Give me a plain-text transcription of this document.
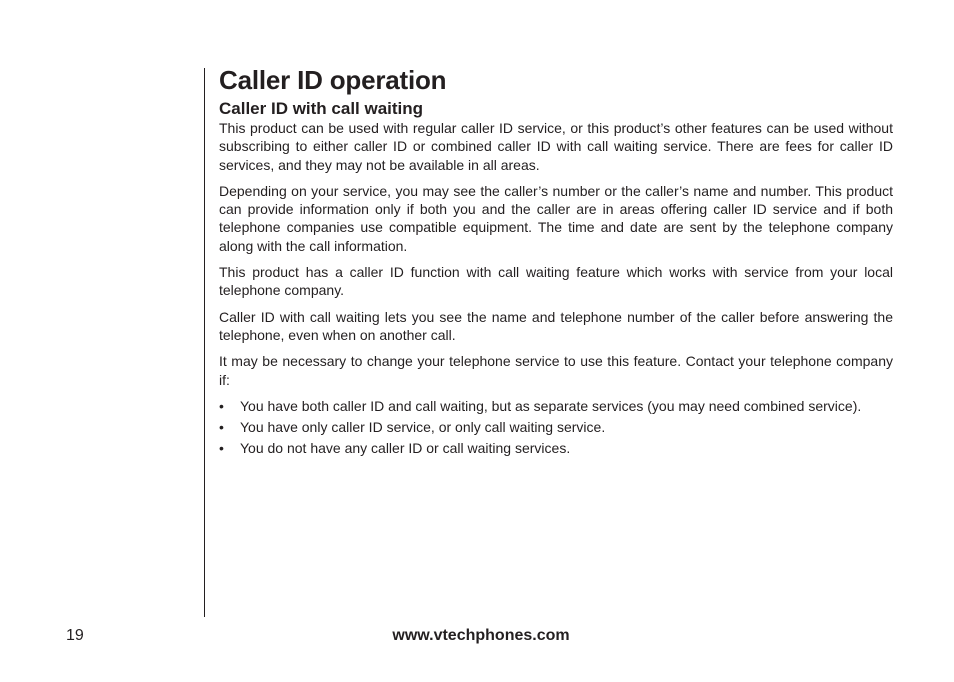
Caller ID operation
Caller ID with call waiting

This product can be used with regular caller ID service, or this product’s other features can be used without subscribing to either caller ID or combined caller ID with call waiting service. There are fees for caller ID services, and they may not be available in all areas.

Depending on your service, you may see the caller’s number or the caller’s name and number. This product can provide information only if both you and the caller are in areas offering caller ID service and if both telephone companies use compatible equipment. The time and date are sent by the telephone company along with the call information.

This product has a caller ID function with call waiting feature which works with service from your local telephone company.

Caller ID with call waiting lets you see the name and telephone number of the caller before answering the telephone, even when on another call.

It may be necessary to change your telephone service to use this feature. Contact your telephone company if:

• You have both caller ID and call waiting, but as separate services (you may need combined service).
• You have only caller ID service, or only call waiting service.
• You do not have any caller ID or call waiting services.
19	www.vtechphones.com
